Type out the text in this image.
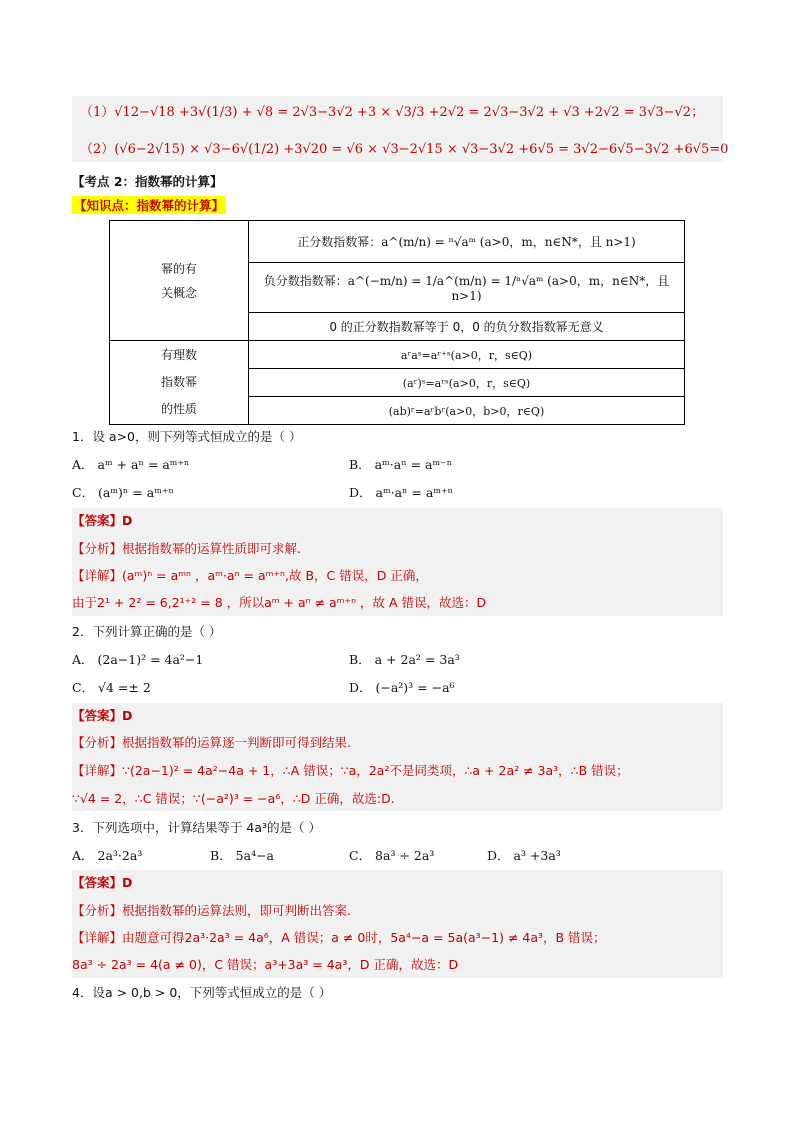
（1）√12−√18 +3√(1/3) + √8 = 2√3−3√2 +3 × √3/3 +2√2 = 2√3−3√2 + √3 +2√2 = 3√3−√2；
（2）(√6−2√15) × √3−6√(1/2) +3√20 = √6 × √3−2√15 × √3−3√2 +6√5 = 3√2−6√5−3√2 +6√5=0
【考点 2：指数幂的计算】
【知识点：指数幂的计算】
幂的有
关概念	正分数指数幂：a^(m/n) = ⁿ√aᵐ (a>0，m，n∈N*，且 n>1)
	负分数指数幂：a^(−m/n) = 1/a^(m/n) = 1/ⁿ√aᵐ (a>0，m，n∈N*，且 n>1)
	0 的正分数指数幂等于 0，0 的负分数指数幂无意义

有理数
指数幂
的性质	aʳaˢ=aʳ⁺ˢ(a>0，r，s∈Q)
	(aʳ)ˢ=aʳˢ(a>0，r，s∈Q)
	(ab)ʳ=aʳbʳ(a>0，b>0，r∈Q)
1．设 a>0，则下列等式恒成立的是（ ）
A． aᵐ + aⁿ = aᵐ⁺ⁿ	B． aᵐ·aⁿ = aᵐ⁻ⁿ
C． (aᵐ)ⁿ = aᵐ⁺ⁿ	D． aᵐ·aⁿ = aᵐ⁺ⁿ
【答案】D
【分析】根据指数幂的运算性质即可求解.
【详解】(aᵐ)ⁿ = aᵐⁿ ，aᵐ·aⁿ = aᵐ⁺ⁿ,故 B，C 错误，D 正确，
由于2¹ + 2² = 6,2¹⁺² = 8 ，所以aᵐ + aⁿ ≠ aᵐ⁺ⁿ ，故 A 错误，故选：D
2．下列计算正确的是（ ）
A． (2a−1)² = 4a²−1	B． a + 2a² = 3a³
C． √4 =± 2	D． (−a²)³ = −a⁶
【答案】D
【分析】根据指数幂的运算逐一判断即可得到结果.
【详解】∵(2a−1)² = 4a²−4a + 1，∴A 错误；∵a，2a²不是同类项，∴a + 2a² ≠ 3a³，∴B 错误；
∵√4 = 2，∴C 错误；∵(−a²)³ = −a⁶，∴D 正确，故选:D.
3．下列选项中，计算结果等于 4a³的是（ ）
A． 2a³·2a³	B． 5a⁴−a	C． 8a³ ÷ 2a³	D． a³ +3a³
【答案】D
【分析】根据指数幂的运算法则，即可判断出答案.
【详解】由题意可得2a³·2a³ = 4a⁶，A 错误；a ≠ 0时，5a⁴−a = 5a(a³−1) ≠ 4a³，B 错误；
8a³ ÷ 2a³ = 4(a ≠ 0)，C 错误；a³+3a³ = 4a³，D 正确，故选：D
4．设a > 0,b > 0，下列等式恒成立的是（ ）
